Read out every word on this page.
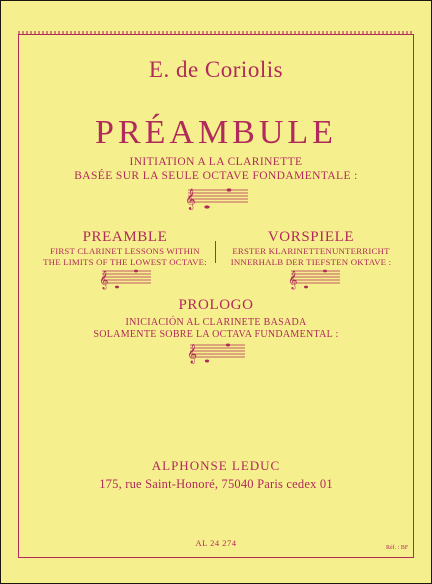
E. de Coriolis
PRÉAMBULE
INITIATION A LA CLARINETTE
BASÉE SUR LA SEULE OCTAVE FONDAMENTALE :
𝄞
PREAMBLE
FIRST CLARINET LESSONS WITHIN
THE LIMITS OF THE LOWEST OCTAVE:
VORSPIELE
ERSTER KLARINETTENUNTERRICHT
INNERHALB DER TIEFSTEN OKTAVE :
𝄞	𝄞
PROLOGO
INICIACIÓN AL CLARINETE BASADA
SOLAMENTE SOBRE LA OCTAVA FUNDAMENTAL :
𝄞
ALPHONSE LEDUC
175, rue Saint-Honoré, 75040 Paris cedex 01
AL 24 274	Réf. : BF
